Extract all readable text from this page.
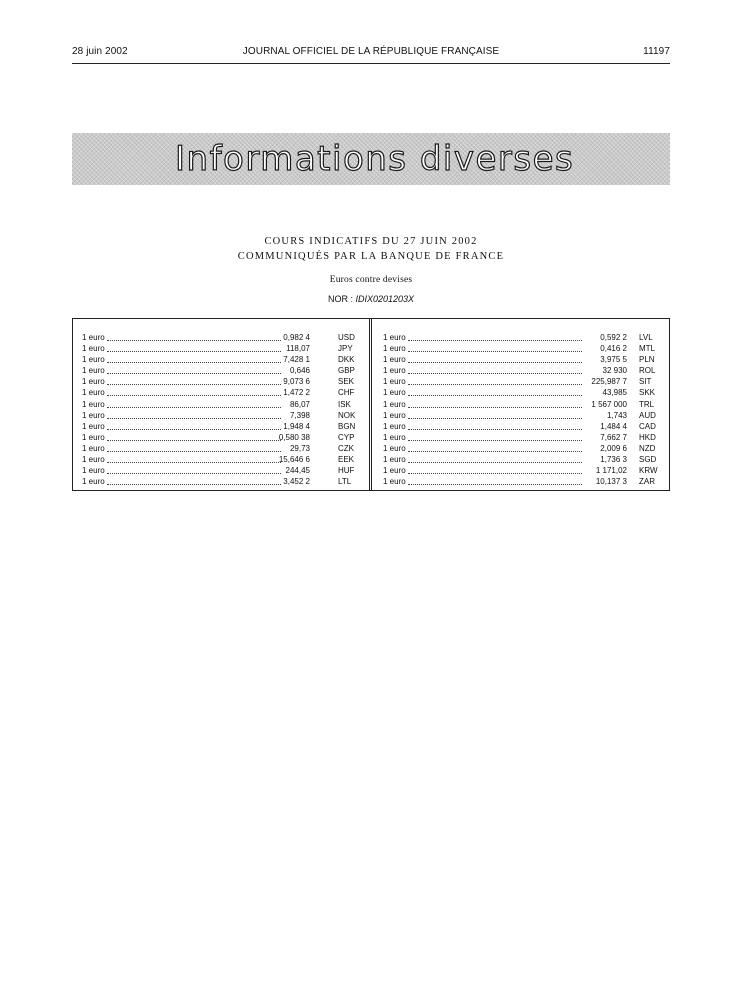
28 juin 2002	JOURNAL OFFICIEL DE LA RÉPUBLIQUE FRANÇAISE	11197
Informations diverses
COURS INDICATIFS DU 27 JUIN 2002
COMMUNIQUÉS PAR LA BANQUE DE FRANCE
Euros contre devises
NOR : IDIX0201203X
1 euro	0,982 4	USD
1 euro	118,07	JPY
1 euro	7,428 1	DKK
1 euro	0,646	GBP
1 euro	9,073 6	SEK
1 euro	1,472 2	CHF
1 euro	86,07	ISK
1 euro	7,398	NOK
1 euro	1,948 4	BGN
1 euro	0,580 38	CYP
1 euro	29,73	CZK
1 euro	15,646 6	EEK
1 euro	244,45	HUF
1 euro	3,452 2	LTL
1 euro	0,592 2 LVL
1 euro	0,416 2 MTL
1 euro	3,975 5 PLN
1 euro	32 930 ROL
1 euro	225,987 7 SIT
1 euro	43,985 SKK
1 euro	1 567 000 TRL
1 euro	1,743 AUD
1 euro	1,484 4 CAD
1 euro	7,662 7 HKD
1 euro	2,009 6 NZD
1 euro	1,736 3 SGD
1 euro	1 171,02 KRW
1 euro	10,137 3 ZAR
